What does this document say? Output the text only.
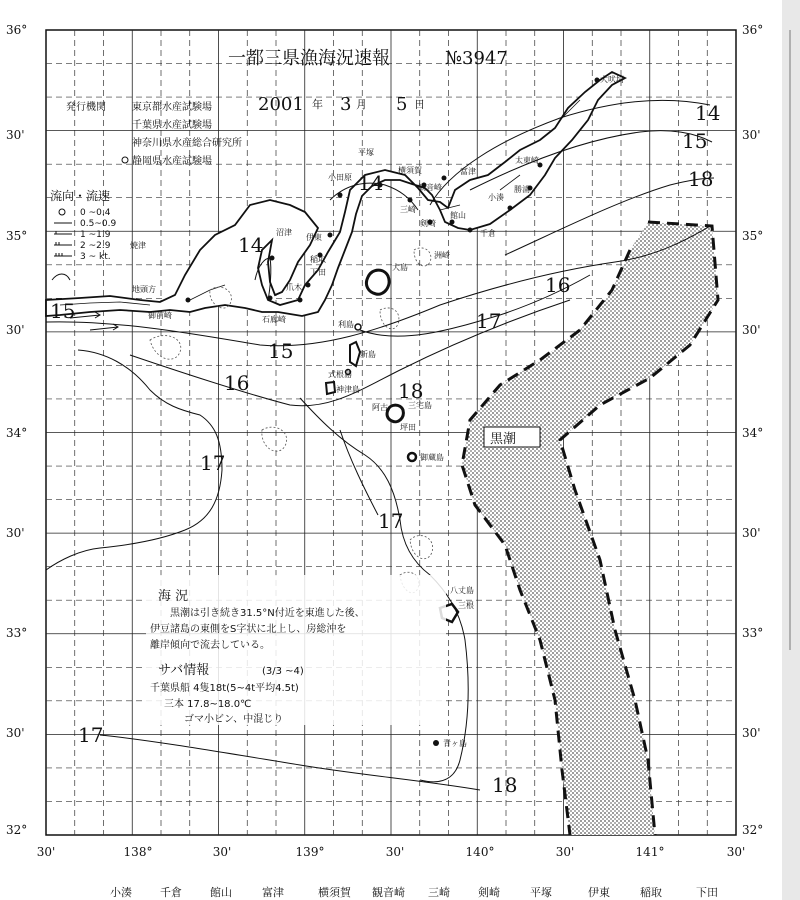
一都三県漁海況速報	№3947
2001 年 3 月 5 日
発行機関	東京都水産試験場
千葉県水産試験場
神奈川県水産総合研究所
静岡県水産試験場
流向・流速
0 ~0.4
0.5~0.9
1 ~1.9
2 ~2.9
3 ~ kt.
36°
30'
35°
30'
34°
30'
33°
30'
32°
36°
30'
35°
30'
34°
30'
33°
30'
32°
30'	138°	30'	139°	30'	140°	30'	141°	30'
14
15
18
14
14
15
16
17
15
16	18
17
17
17
18
犬吠埼
太東崎
勝浦
小湊
千倉
館山
富津
観音崎
横須賀
平塚
小田原
三崎
剣崎
洲崎
大島
利島
新島
式根島
神津島
三宅島
御蔵島
坪田
阿古
八丈島
三根
青ヶ島
沼津
伊東
稲取
下田
爪木
石廊崎
焼津
御前崎
地頭方
黒潮
海 況
黒潮は引き続き31.5°N付近を東進した後、
伊豆諸島の東側をS字状に北上し、房総沖を
離岸傾向で流去している。
サバ情報	(3/3 ~4)
千葉県船 4隻18t(5~4t平均4.5t)
三本 17.8~18.0℃
ゴマ小ビン、中混じり
小湊	千倉	館山	富津	横須賀 観音崎 三崎	剣崎	平塚	伊東	稲取	下田
